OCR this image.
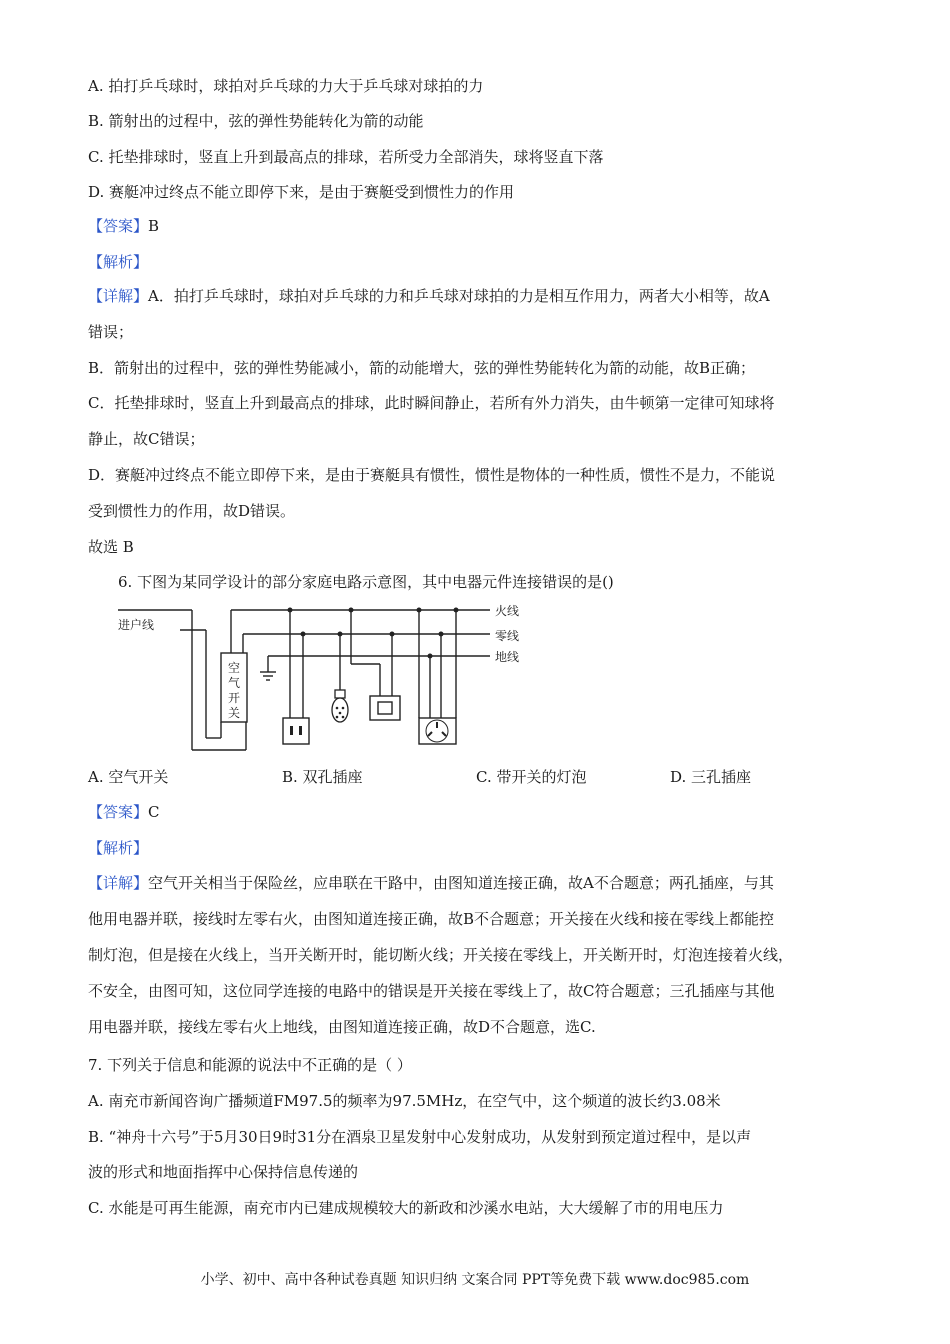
A. 拍打乒乓球时，球拍对乒乓球的力大于乒乓球对球拍的力
B. 箭射出的过程中，弦的弹性势能转化为箭的动能
C. 托垫排球时，竖直上升到最高点的排球，若所受力全部消失，球将竖直下落
D. 赛艇冲过终点不能立即停下来，是由于赛艇受到惯性力的作用
【答案】B
【解析】
【详解】A．拍打乒乓球时，球拍对乒乓球的力和乒乓球对球拍的力是相互作用力，两者大小相等，故A
错误；
B．箭射出的过程中，弦的弹性势能减小，箭的动能增大，弦的弹性势能转化为箭的动能，故B正确；
C．托垫排球时，竖直上升到最高点的排球，此时瞬间静止，若所有外力消失，由牛顿第一定律可知球将
静止，故C错误；
D．赛艇冲过终点不能立即停下来，是由于赛艇具有惯性，惯性是物体的一种性质，惯性不是力，不能说
受到惯性力的作用，故D错误。
故选 B
6. 下图为某同学设计的部分家庭电路示意图，其中电器元件连接错误的是()
进户线
火线
零线
地线
空
气
开
关
A. 空气开关	B. 双孔插座	C. 带开关的灯泡	D. 三孔插座
【答案】C
【解析】
【详解】空气开关相当于保险丝，应串联在干路中，由图知道连接正确，故A不合题意；两孔插座，与其
他用电器并联，接线时左零右火，由图知道连接正确，故B不合题意；开关接在火线和接在零线上都能控
制灯泡，但是接在火线上，当开关断开时，能切断火线；开关接在零线上，开关断开时，灯泡连接着火线，
不安全，由图可知，这位同学连接的电路中的错误是开关接在零线上了，故C符合题意；三孔插座与其他
用电器并联，接线左零右火上地线，由图知道连接正确，故D不合题意，选C.
7. 下列关于信息和能源的说法中不正确的是（ ）
A. 南充市新闻咨询广播频道FM97.5的频率为97.5MHz，在空气中，这个频道的波长约3.08米
B. “神舟十六号”于5月30日9时31分在酒泉卫星发射中心发射成功，从发射到预定道过程中，是以声
波的形式和地面指挥中心保持信息传递的
C. 水能是可再生能源，南充市内已建成规模较大的新政和沙溪水电站，大大缓解了市的用电压力
小学、初中、高中各种试卷真题 知识归纳 文案合同 PPT等免费下载 www.doc985.com
